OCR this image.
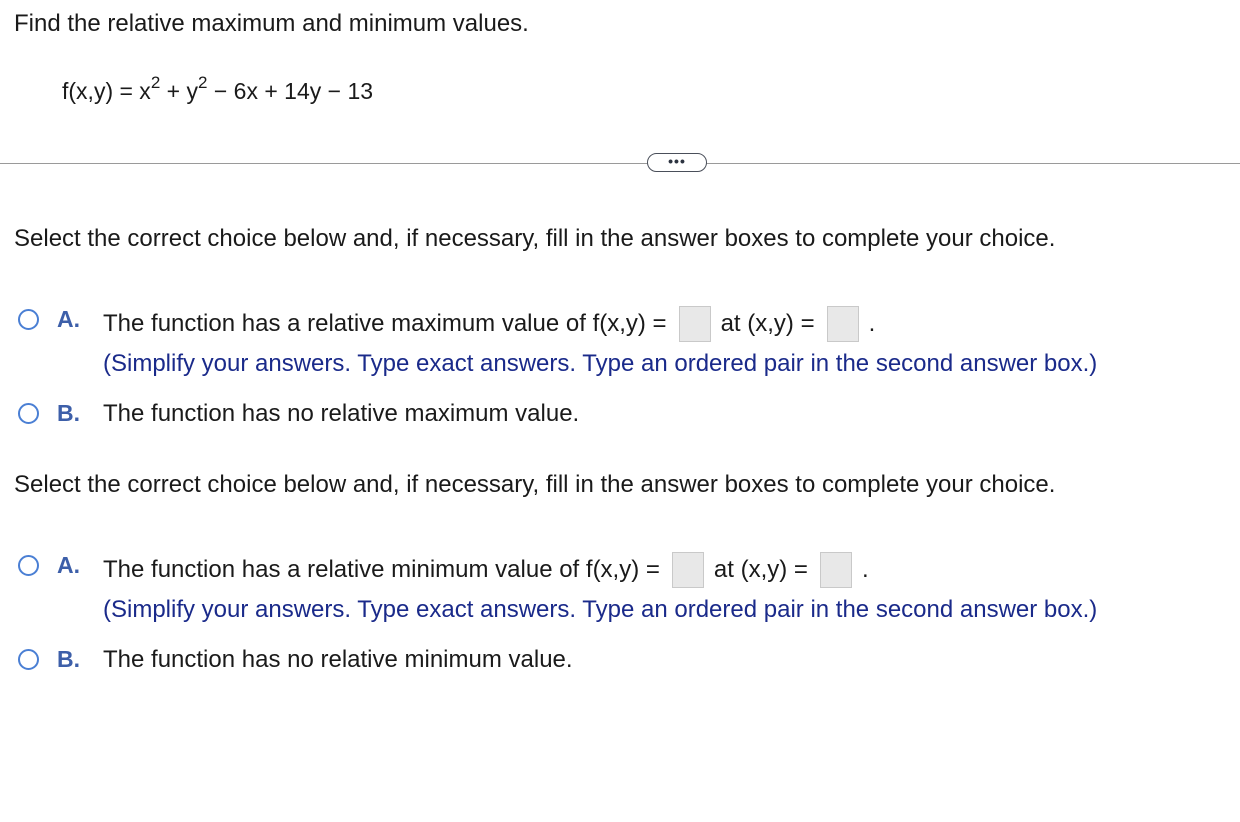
Find the relative maximum and minimum values.
$f(x,y) = x^2 + y^2 - 6x + 14y - 13$
•••
Select the correct choice below and, if necessary, fill in the answer boxes to complete your choice.
A. The function has a relative maximum value of f(x,y) = at (x,y) = .
(Simplify your answers. Type exact answers. Type an ordered pair in the second answer box.)
B. The function has no relative maximum value.
Select the correct choice below and, if necessary, fill in the answer boxes to complete your choice.
A. The function has a relative minimum value of f(x,y) = at (x,y) = .
(Simplify your answers. Type exact answers. Type an ordered pair in the second answer box.)
B. The function has no relative minimum value.
